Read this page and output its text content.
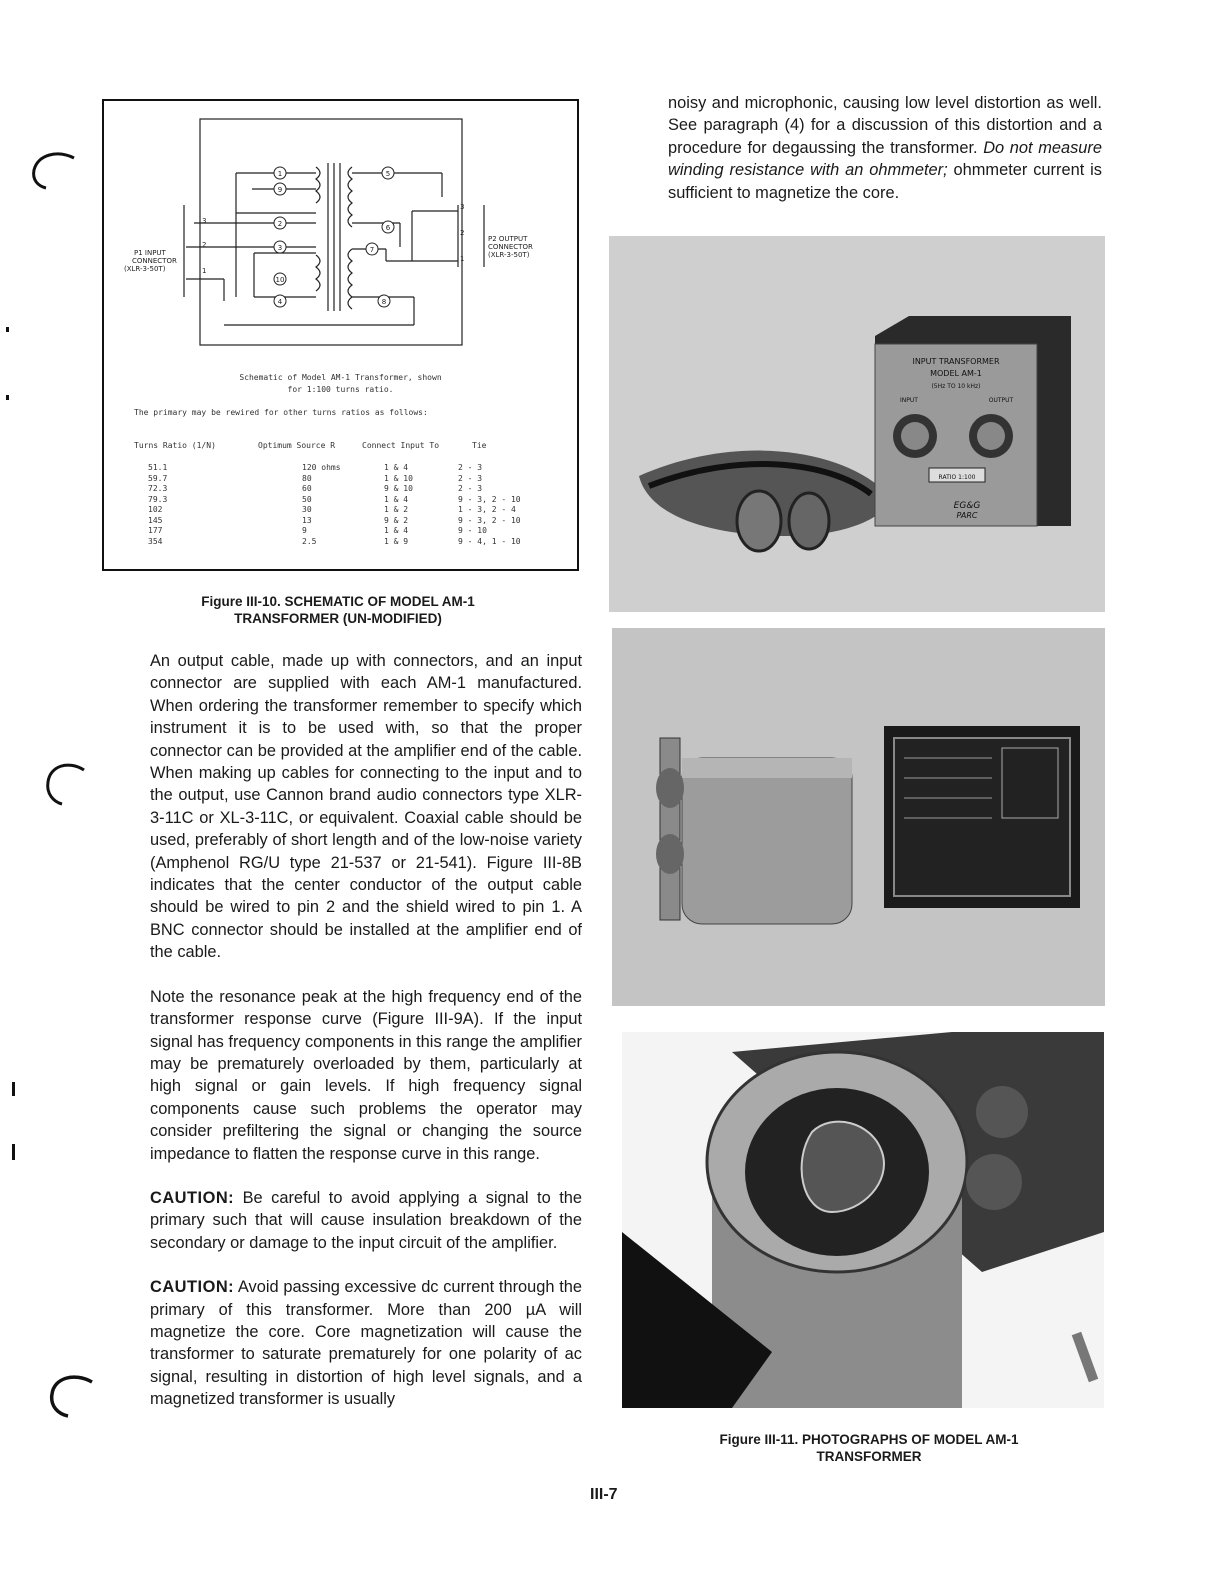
1
9
2
3
10
4
5
6
7
8
3
2
1
3
2
1
P1 INPUT
CONNECTOR
(XLR-3-50T)
P2 OUTPUT
CONNECTOR
(XLR-3-50T)
Schematic of Model AM-1 Transformer, shown
for 1:100 turns ratio.
The primary may be rewired for other turns ratios as follows:
Turns Ratio (1/N)	Optimum Source R	Connect Input To	Tie
51.1	120 ohms	1 & 4	2 - 3
59.7	80	1 & 10	2 - 3
72.3	60	9 & 10	2 - 3
79.3	50	1 & 4	9 - 3, 2 - 10
102	30	1 & 2	1 - 3, 2 - 4
145	13	9 & 2	9 - 3, 2 - 10
177	9	1 & 4	9 - 10
354	2.5	1 & 9	9 - 4, 1 - 10
Figure III-10. SCHEMATIC OF MODEL AM-1
TRANSFORMER (UN-MODIFIED)

An output cable, made up with connectors, and an input connector are supplied with each AM-1 manufactured. When ordering the transformer remember to specify which instrument it is to be used with, so that the proper connector can be provided at the amplifier end of the cable. When making up cables for connecting to the input and to the output, use Cannon brand audio connectors type XLR-3-11C or XL-3-11C, or equivalent. Coaxial cable should be used, preferably of short length and of the low-noise variety (Amphenol RG/U type 21-537 or 21-541). Figure III-8B indicates that the center conductor of the output cable should be wired to pin 2 and the shield wired to pin 1. A BNC connector should be installed at the amplifier end of the cable.

Note the resonance peak at the high frequency end of the transformer response curve (Figure III-9A). If the input signal has frequency components in this range the amplifier may be prematurely overloaded by them, particularly at high signal or gain levels. If high frequency signal components cause such problems the operator may consider prefiltering the signal or changing the source impedance to flatten the response curve in this range.

CAUTION: Be careful to avoid applying a signal to the primary such that will cause insulation breakdown of the secondary or damage to the input circuit of the amplifier.

CAUTION: Avoid passing excessive dc current through the primary of this transformer. More than 200 µA will magnetize the core. Core magnetization will cause the transformer to saturate prematurely for one polarity of ac signal, resulting in distortion of high level signals, and a magnetized transformer is usually

noisy and microphonic, causing low level distortion as well. See paragraph (4) for a discussion of this distortion and a procedure for degaussing the transformer. Do not measure winding resistance with an ohmmeter; ohmmeter current is sufficient to magnetize the core.

INPUT TRANSFORMER
MODEL AM-1
(5Hz TO 10 kHz)
INPUT	OUTPUT
RATIO 1:100
EG&G
PARC
Figure III-11. PHOTOGRAPHS OF MODEL AM-1
TRANSFORMER
III-7
